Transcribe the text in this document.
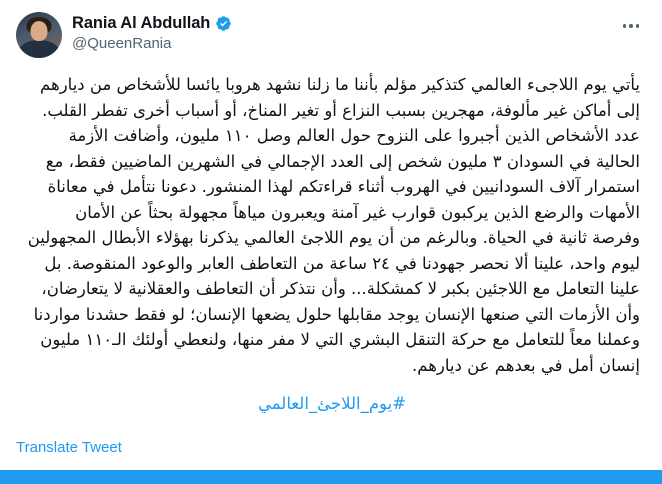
Rania Al Abdullah
@QueenRania

يأتي يوم اللاجىء العالمي كتذكير مؤلم بأننا ما زلنا نشهد هروبا يائسا للأشخاص من ديارهم إلى أماكن غير مألوفة، مهجرين بسبب النزاع أو تغير المناخ، أو أسباب أخرى تفطر القلب. عدد الأشخاص الذين أجبروا على النزوح حول العالم وصل ١١٠ مليون، وأضافت الأزمة الحالية في السودان ٣ مليون شخص إلى العدد الإجمالي في الشهرين الماضيين فقط، مع استمرار آلاف السودانيين في الهروب أثناء قراءتكم لهذا المنشور. دعونا نتأمل في معاناة الأمهات والرضع الذين يركبون قوارب غير آمنة ويعبرون مياهاً مجهولة بحثاً عن الأمان وفرصة ثانية في الحياة. وبالرغم من أن يوم اللاجئ العالمي يذكرنا بهؤلاء الأبطال المجهولين ليوم واحد، علينا ألا نحصر جهودنا في ٢٤ ساعة من التعاطف العابر والوعود المنقوصة. بل علينا التعامل مع اللاجئين بكبر لا كمشكلة... وأن نتذكر أن التعاطف والعقلانية لا يتعارضان، وأن الأزمات التي صنعها الإنسان يوجد مقابلها حلول يضعها الإنسان؛ لو فقط حشدنا مواردنا وعملنا معاً للتعامل مع حركة التنقل البشري التي لا مفر منها، ولنعطي أولئك الـ١١٠ مليون إنسان أمل في بعدهم عن ديارهم.

#يوم_اللاجئ_العالمي
Translate Tweet
